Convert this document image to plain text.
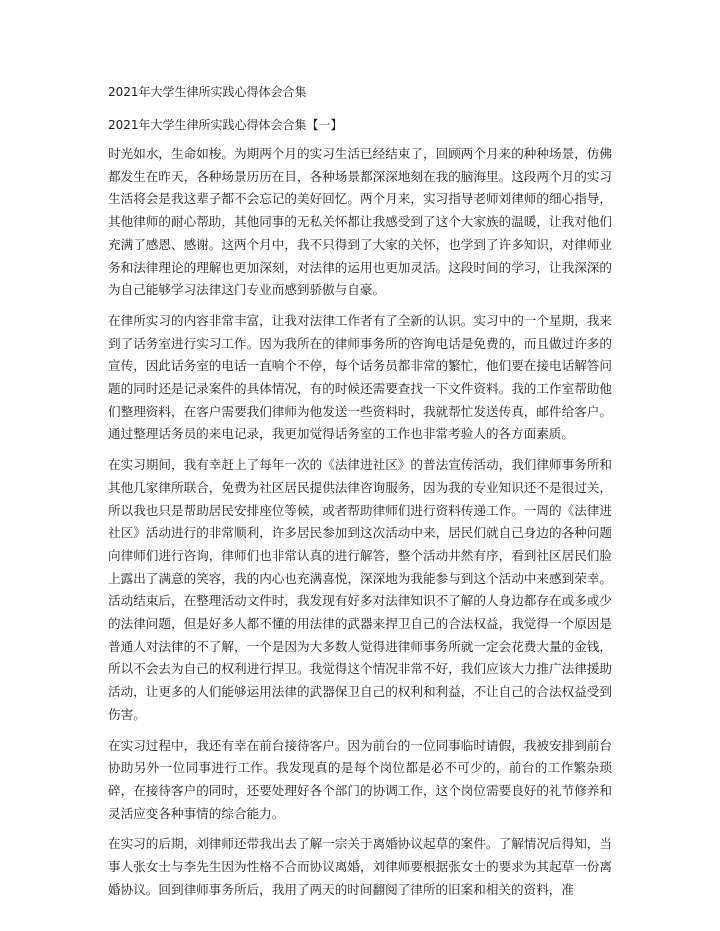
2021年大学生律所实践心得体会合集
2021年大学生律所实践心得体会合集【一】

时光如水，生命如梭。为期两个月的实习生活已经结束了，回顾两个月来的种种场景，仿佛都发生在昨天，各种场景历历在目，各种场景都深深地刻在我的脑海里。这段两个月的实习生活将会是我这辈子都不会忘记的美好回忆。两个月来，实习指导老师刘律师的细心指导，其他律师的耐心帮助，其他同事的无私关怀都让我感受到了这个大家族的温暖，让我对他们充满了感恩、感谢。这两个月中，我不只得到了大家的关怀，也学到了许多知识，对律师业务和法律理论的理解也更加深刻，对法律的运用也更加灵活。这段时间的学习，让我深深的为自己能够学习法律这门专业而感到骄傲与自豪。

在律所实习的内容非常丰富，让我对法律工作者有了全新的认识。实习中的一个星期，我来到了话务室进行实习工作。因为我所在的律师事务所的咨询电话是免费的，而且做过许多的宣传，因此话务室的电话一直响个不停，每个话务员都非常的繁忙，他们要在接电话解答问题的同时还是记录案件的具体情况，有的时候还需要查找一下文件资料。我的工作室帮助他们整理资料，在客户需要我们律师为他发送一些资料时，我就帮忙发送传真，邮件给客户。通过整理话务员的来电记录，我更加觉得话务室的工作也非常考验人的各方面素质。

在实习期间，我有幸赶上了每年一次的《法律进社区》的普法宣传活动，我们律师事务所和其他几家律所联合，免费为社区居民提供法律咨询服务，因为我的专业知识还不是很过关，所以我也只是帮助居民安排座位等候，或者帮助律师们进行资料传递工作。一周的《法律进社区》活动进行的非常顺利，许多居民参加到这次活动中来，居民们就自己身边的各种问题向律师们进行咨询，律师们也非常认真的进行解答，整个活动井然有序，看到社区居民们脸上露出了满意的笑容，我的内心也充满喜悦，深深地为我能参与到这个活动中来感到荣幸。活动结束后，在整理活动文件时，我发现有好多对法律知识不了解的人身边都存在或多或少的法律问题，但是好多人都不懂的用法律的武器来捍卫自己的合法权益，我觉得一个原因是普通人对法律的不了解，一个是因为大多数人觉得进律师事务所就一定会花费大量的金钱，所以不会去为自己的权利进行捍卫。我觉得这个情况非常不好，我们应该大力推广法律援助活动，让更多的人们能够运用法律的武器保卫自己的权利和利益，不让自己的合法权益受到伤害。

在实习过程中，我还有幸在前台接待客户。因为前台的一位同事临时请假，我被安排到前台协助另外一位同事进行工作。我发现真的是每个岗位都是必不可少的，前台的工作繁杂琐碎，在接待客户的同时，还要处理好各个部门的协调工作，这个岗位需要良好的礼节修养和灵活应变各种事情的综合能力。

在实习的后期，刘律师还带我出去了解一宗关于离婚协议起草的案件。了解情况后得知，当事人张女士与李先生因为性格不合而协议离婚，刘律师要根据张女士的要求为其起草一份离婚协议。回到律师事务所后，我用了两天的时间翻阅了律所的旧案和相关的资料，准
